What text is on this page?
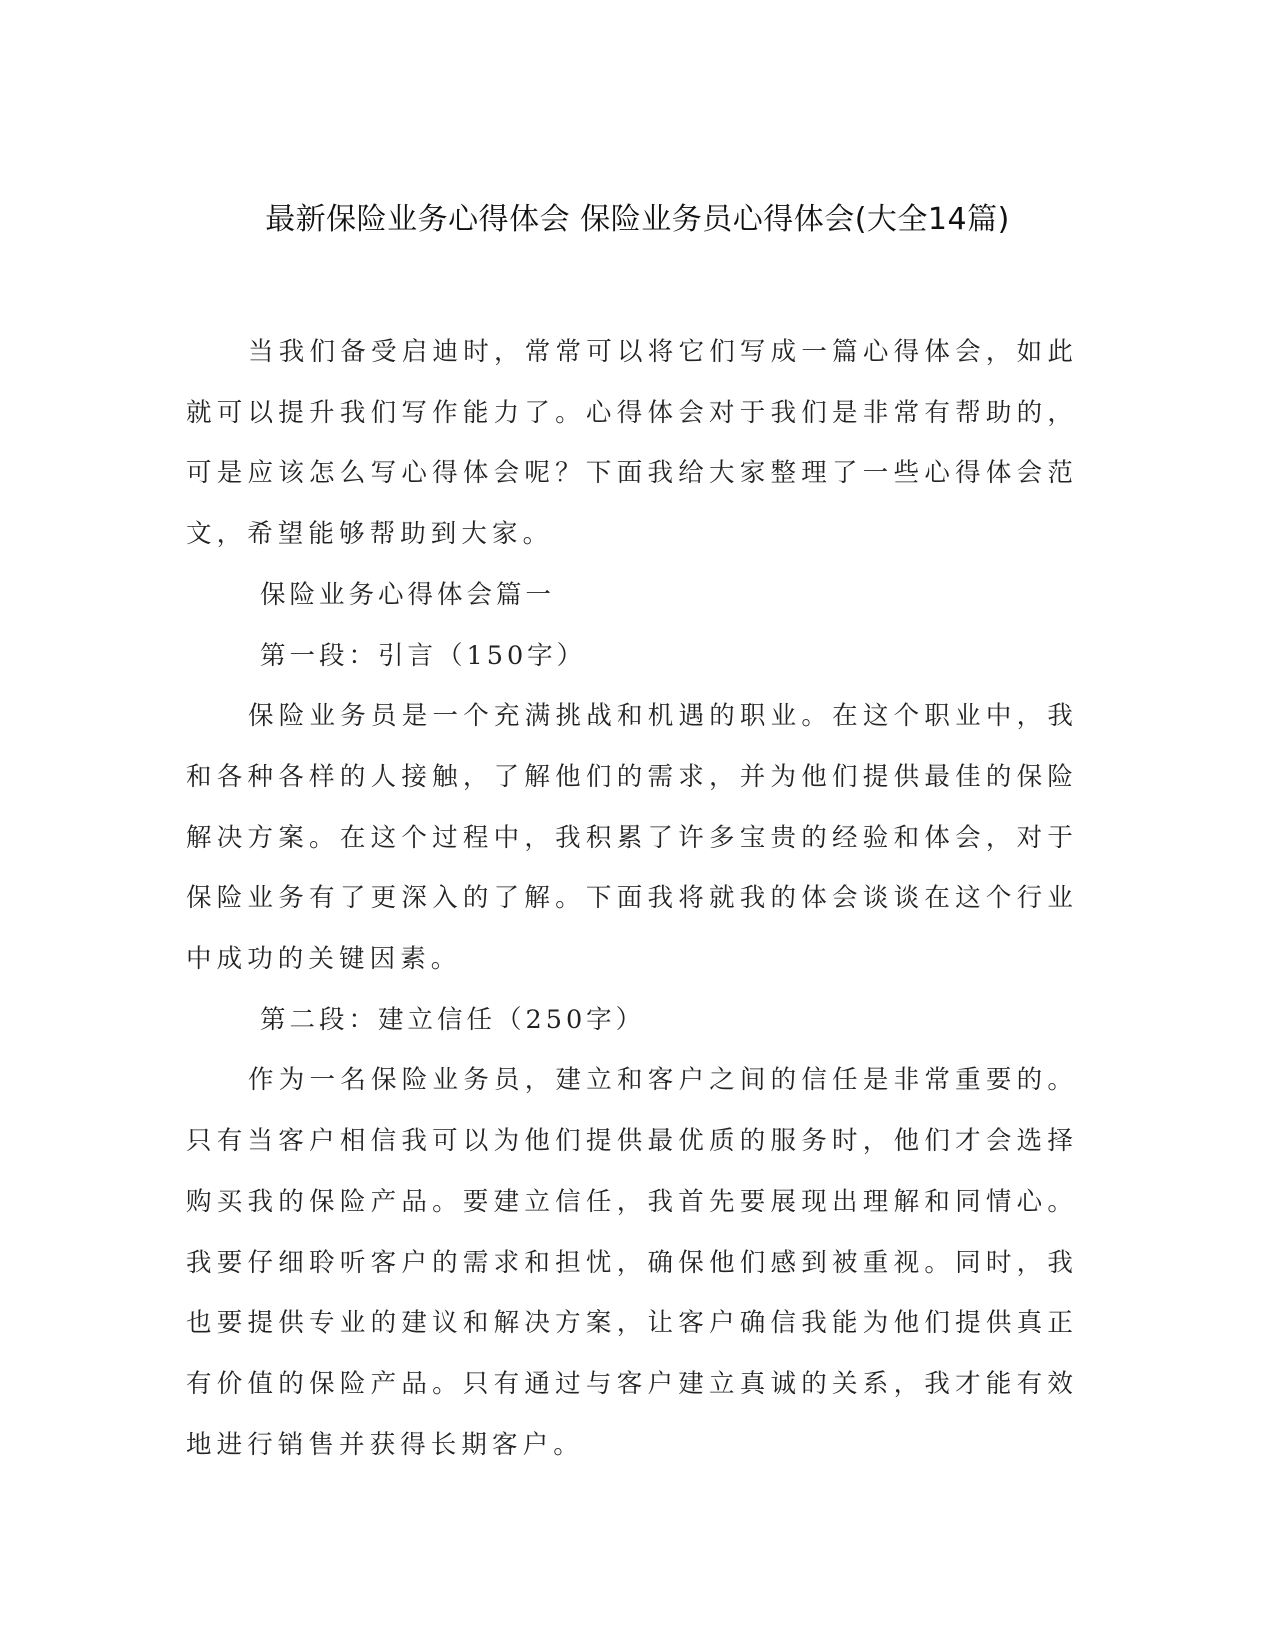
最新保险业务心得体会 保险业务员心得体会(大全14篇)

当我们备受启迪时，常常可以将它们写成一篇心得体会，如此就可以提升我们写作能力了。心得体会对于我们是非常有帮助的，可是应该怎么写心得体会呢？下面我给大家整理了一些心得体会范文，希望能够帮助到大家。

保险业务心得体会篇一

第一段：引言（150字）

保险业务员是一个充满挑战和机遇的职业。在这个职业中，我和各种各样的人接触，了解他们的需求，并为他们提供最佳的保险解决方案。在这个过程中，我积累了许多宝贵的经验和体会，对于保险业务有了更深入的了解。下面我将就我的体会谈谈在这个行业中成功的关键因素。

第二段：建立信任（250字）

作为一名保险业务员，建立和客户之间的信任是非常重要的。只有当客户相信我可以为他们提供最优质的服务时，他们才会选择购买我的保险产品。要建立信任，我首先要展现出理解和同情心。我要仔细聆听客户的需求和担忧，确保他们感到被重视。同时，我也要提供专业的建议和解决方案，让客户确信我能为他们提供真正有价值的保险产品。只有通过与客户建立真诚的关系，我才能有效地进行销售并获得长期客户。
